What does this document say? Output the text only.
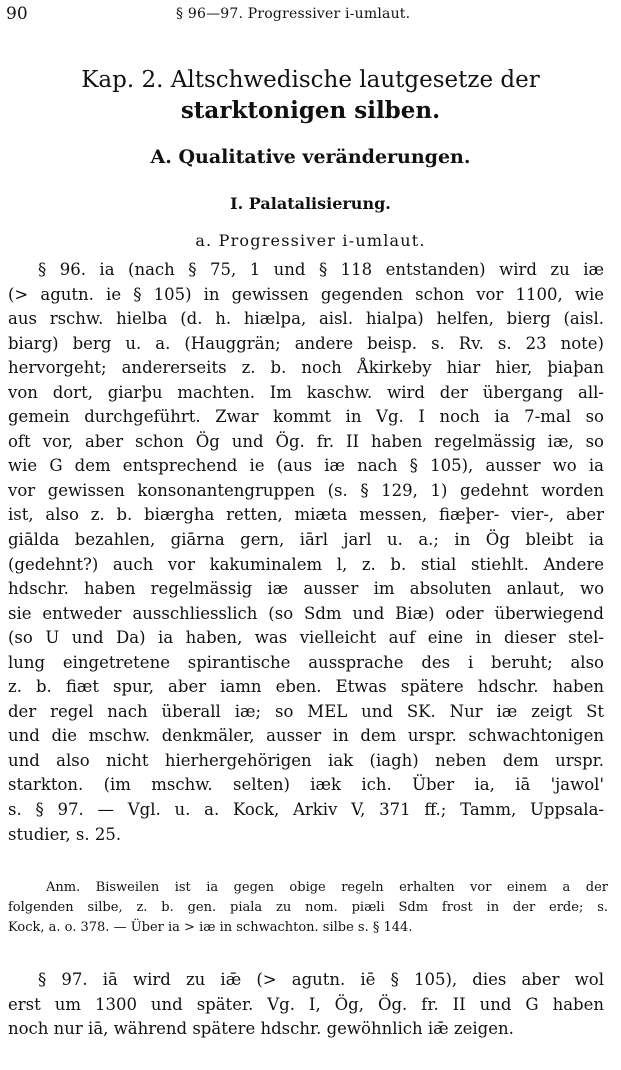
90	§ 96—97. Progressiver i-umlaut.
Kap. 2. Altschwedische lautgesetze der
starktonigen silben.
A. Qualitative veränderungen.
I. Palatalisierung.
a. Progressiver i-umlaut.
§ 96. ia (nach § 75, 1 und § 118 entstanden) wird zu iæ
(> agutn. ie § 105) in gewissen gegenden schon vor 1100, wie
aus rschw. hielba (d. h. hiælpa, aisl. hialpa) helfen, bierg (aisl.
biarg) berg u. a. (Hauggrän; andere beisp. s. Rv. s. 23 note)
hervorgeht; andererseits z. b. noch Åkirkeby hiar hier, þiaþan
von dort, giarþu machten. Im kaschw. wird der übergang all-
gemein durchgeführt. Zwar kommt in Vg. I noch ia 7-mal so
oft vor, aber schon Ög und Ög. fr. II haben regelmässig iæ, so
wie G dem entsprechend ie (aus iæ nach § 105), ausser wo ia
vor gewissen konsonantengruppen (s. § 129, 1) gedehnt worden
ist, also z. b. biærgha retten, miæta messen, fiæþer- vier-, aber
giālda bezahlen, giārna gern, iārl jarl u. a.; in Ög bleibt ia
(gedehnt?) auch vor kakuminalem l, z. b. stial stiehlt. Andere
hdschr. haben regelmässig iæ ausser im absoluten anlaut, wo
sie entweder ausschliesslich (so Sdm und Biæ) oder überwiegend
(so U und Da) ia haben, was vielleicht auf eine in dieser stel-
lung eingetretene spirantische aussprache des i beruht; also
z. b. fiæt spur, aber iamn eben. Etwas spätere hdschr. haben
der regel nach überall iæ; so MEL und SK. Nur iæ zeigt St
und die mschw. denkmäler, ausser in dem urspr. schwachtonigen
und also nicht hierhergehörigen iak (iagh) neben dem urspr.
starkton. (im mschw. selten) iæk ich. Über ia, iā 'jawol'
s. § 97. — Vgl. u. a. Kock, Arkiv V, 371 ff.; Tamm, Uppsala-
studier, s. 25.
Anm. Bisweilen ist ia gegen obige regeln erhalten vor einem a der
folgenden silbe, z. b. gen. piala zu nom. piæli Sdm frost in der erde; s.
Kock, a. o. 378. — Über ia > iæ in schwachton. silbe s. § 144.
§ 97. iā wird zu iǣ (> agutn. iē § 105), dies aber wol
erst um 1300 und später. Vg. I, Ög, Ög. fr. II und G haben
noch nur iā, während spätere hdschr. gewöhnlich iǣ zeigen.
